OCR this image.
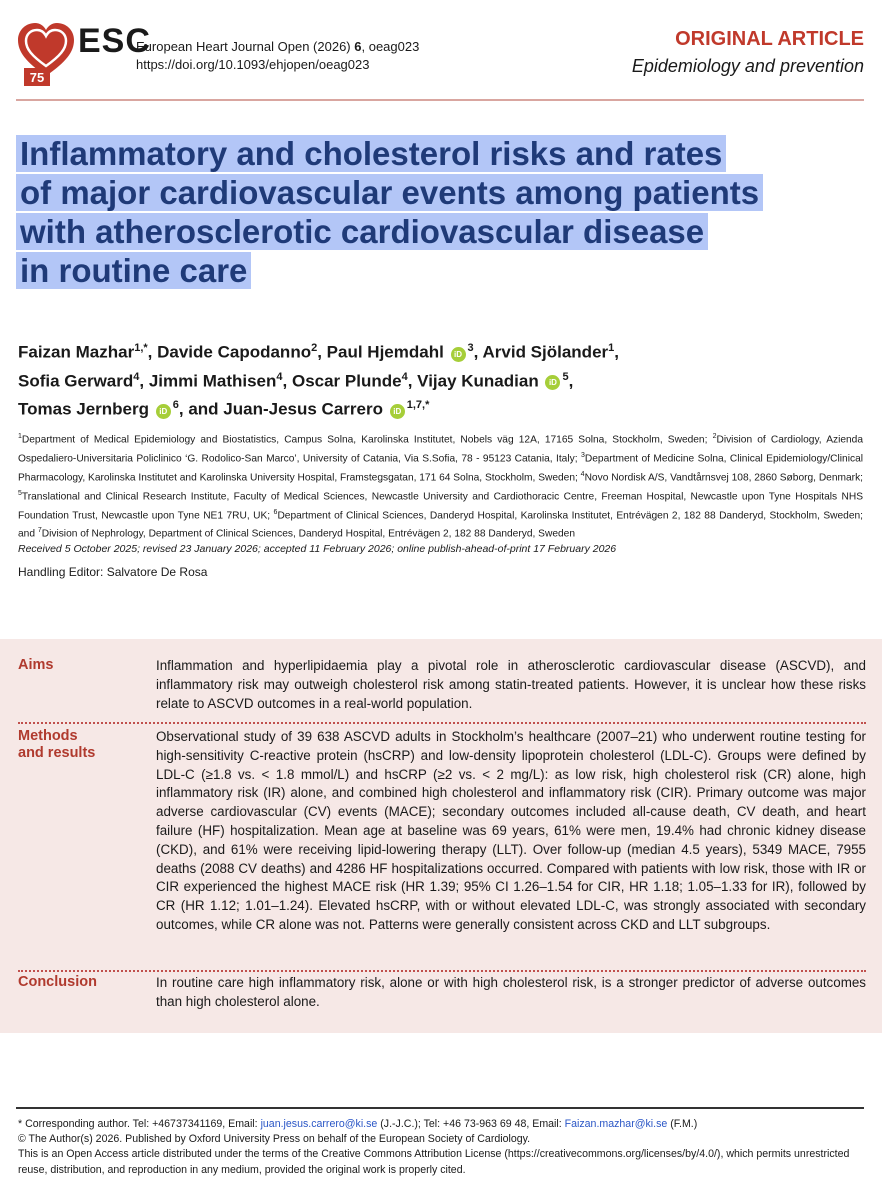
75
ESC
European Heart Journal Open (2026) 6, oeag023
https://doi.org/10.1093/ehjopen/oeag023
ORIGINAL ARTICLE
Epidemiology and prevention
Inflammatory and cholesterol risks and rates
of major cardiovascular events among patients
with atherosclerotic cardiovascular disease
in routine care
Faizan Mazhar$^{1,*}$, Davide Capodanno$^2$, Paul Hjemdahl $iD^3$, Arvid Sjölander$^1$,
Sofia Gerward$^4$, Jimmi Mathisen$^4$, Oscar Plunde$^4$, Vijay Kunadian $iD^5$,
Tomas Jernberg $iD^6$, and Juan-Jesus Carrero $iD^{1,7,*}$
$^1$Department of Medical Epidemiology and Biostatistics, Campus Solna, Karolinska Institutet, Nobels väg 12A, 17165 Solna, Stockholm, Sweden; $^2$Division of Cardiology, Azienda Ospedaliero-Universitaria Policlinico ‘G. Rodolico-San Marco’, University of Catania, Via S.Sofia, 78 - 95123 Catania, Italy; $^3$Department of Medicine Solna, Clinical Epidemiology/Clinical Pharmacology, Karolinska Institutet and Karolinska University Hospital, Framstegsgatan, 171 64 Solna, Stockholm, Sweden; $^4$Novo Nordisk A/S, Vandtårnsvej 108, 2860 Søborg, Denmark; $^5$Translational and Clinical Research Institute, Faculty of Medical Sciences, Newcastle University and Cardiothoracic Centre, Freeman Hospital, Newcastle upon Tyne Hospitals NHS Foundation Trust, Newcastle upon Tyne NE1 7RU, UK; $^6$Department of Clinical Sciences, Danderyd Hospital, Karolinska Institutet, Entrévägen 2, 182 88 Danderyd, Stockholm, Sweden; and $^7$Division of Nephrology, Department of Clinical Sciences, Danderyd Hospital, Entrévägen 2, 182 88 Danderyd, Sweden
Received 5 October 2025; revised 23 January 2026; accepted 11 February 2026; online publish-ahead-of-print 17 February 2026
Handling Editor: Salvatore De Rosa
Aims	Inflammation and hyperlipidaemia play a pivotal role in atherosclerotic cardiovascular disease (ASCVD), and inflammatory risk may outweigh cholesterol risk among statin-treated patients. However, it is unclear how these risks relate to ASCVD outcomes in a real-world population.
Methods
and results
Observational study of 39 638 ASCVD adults in Stockholm’s healthcare (2007–21) who underwent routine testing for high-sensitivity C-reactive protein (hsCRP) and low-density lipoprotein cholesterol (LDL-C). Groups were defined by LDL-C (≥1.8 vs. < 1.8 mmol/L) and hsCRP (≥2 vs. < 2 mg/L): as low risk, high cholesterol risk (CR) alone, high inflammatory risk (IR) alone, and combined high cholesterol and inflammatory risk (CIR). Primary outcome was major adverse cardiovascular (CV) events (MACE); secondary outcomes included all-cause death, CV death, and heart failure (HF) hospitalization. Mean age at baseline was 69 years, 61% were men, 19.4% had chronic kidney disease (CKD), and 61% were receiving lipid-lowering therapy (LLT). Over follow-up (median 4.5 years), 5349 MACE, 7955 deaths (2088 CV deaths) and 4286 HF hospitalizations occurred. Compared with patients with low risk, those with IR or CIR experienced the highest MACE risk (HR 1.39; 95% CI 1.26–1.54 for CIR, HR 1.18; 1.05–1.33 for IR), followed by CR (HR 1.12; 1.01–1.24). Elevated hsCRP, with or without elevated LDL-C, was strongly associated with secondary outcomes, while CR alone was not. Patterns were generally consistent across CKD and LLT subgroups.
Conclusion	In routine care high inflammatory risk, alone or with high cholesterol risk, is a stronger predictor of adverse outcomes than high cholesterol alone.
* Corresponding author. Tel: +46737341169, Email: juan.jesus.carrero@ki.se (J.-J.C.); Tel: +46 73-963 69 48, Email: Faizan.mazhar@ki.se (F.M.)
© The Author(s) 2026. Published by Oxford University Press on behalf of the European Society of Cardiology.
This is an Open Access article distributed under the terms of the Creative Commons Attribution License (https://creativecommons.org/licenses/by/4.0/), which permits unrestricted reuse, distribution, and reproduction in any medium, provided the original work is properly cited.
